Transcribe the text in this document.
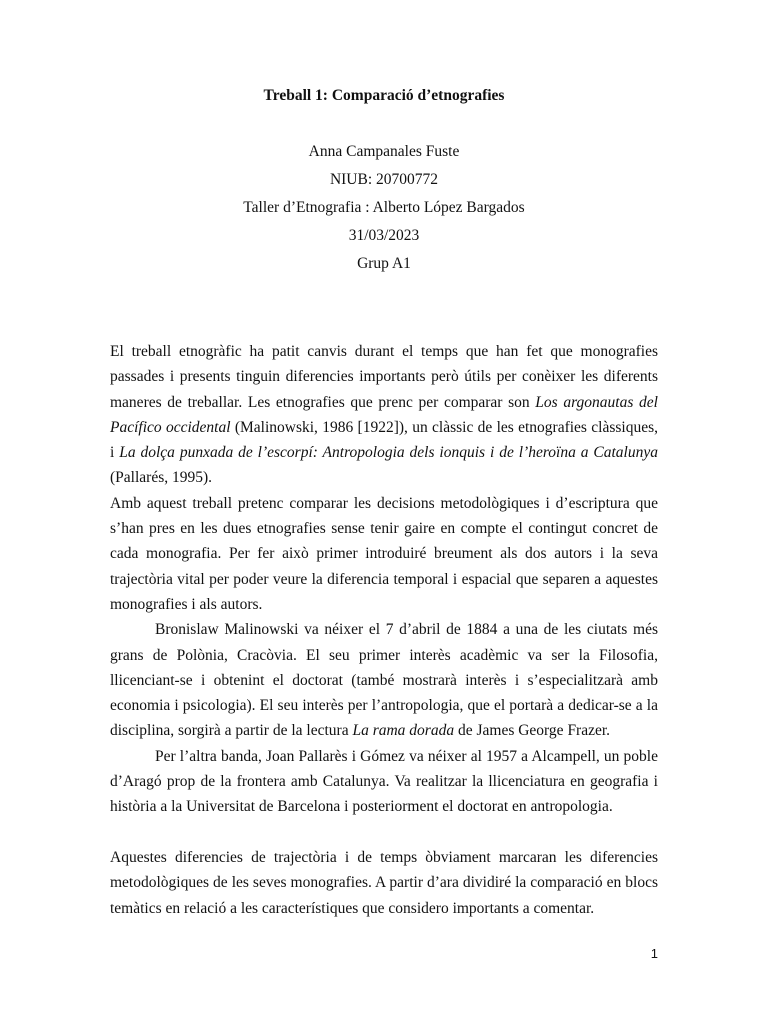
Treball 1: Comparació d’etnografies
Anna Campanales Fuste
NIUB: 20700772
Taller d’Etnografia : Alberto López Bargados
31/03/2023
Grup A1

El treball etnogràfic ha patit canvis durant el temps que han fet que monografies passades i presents tinguin diferencies importants però útils per conèixer les diferents maneres de treballar. Les etnografies que prenc per comparar son Los argonautas del Pacífico occidental (Malinowski, 1986 [1922]), un clàssic de les etnografies clàssiques, i La dolça punxada de l’escorpí: Antropologia dels ionquis i de l’heroïna a Catalunya (Pallarés, 1995).

Amb aquest treball pretenc comparar les decisions metodològiques i d’escriptura que s’han pres en les dues etnografies sense tenir gaire en compte el contingut concret de cada monografia. Per fer això primer introduiré breument als dos autors i la seva trajectòria vital per poder veure la diferencia temporal i espacial que separen a aquestes monografies i als autors.

Bronislaw Malinowski va néixer el 7 d’abril de 1884 a una de les ciutats més grans de Polònia, Cracòvia. El seu primer interès acadèmic va ser la Filosofia, llicenciant-se i obtenint el doctorat (també mostrarà interès i s’especialitzarà amb economia i psicologia). El seu interès per l’antropologia, que el portarà a dedicar-se a la disciplina, sorgirà a partir de la lectura La rama dorada de James George Frazer.

Per l’altra banda, Joan Pallarès i Gómez va néixer al 1957 a Alcampell, un poble d’Aragó prop de la frontera amb Catalunya. Va realitzar la llicenciatura en geografia i història a la Universitat de Barcelona i posteriorment el doctorat en antropologia.

Aquestes diferencies de trajectòria i de temps òbviament marcaran les diferencies metodològiques de les seves monografies. A partir d’ara dividiré la comparació en blocs temàtics en relació a les característiques que considero importants a comentar.

1
